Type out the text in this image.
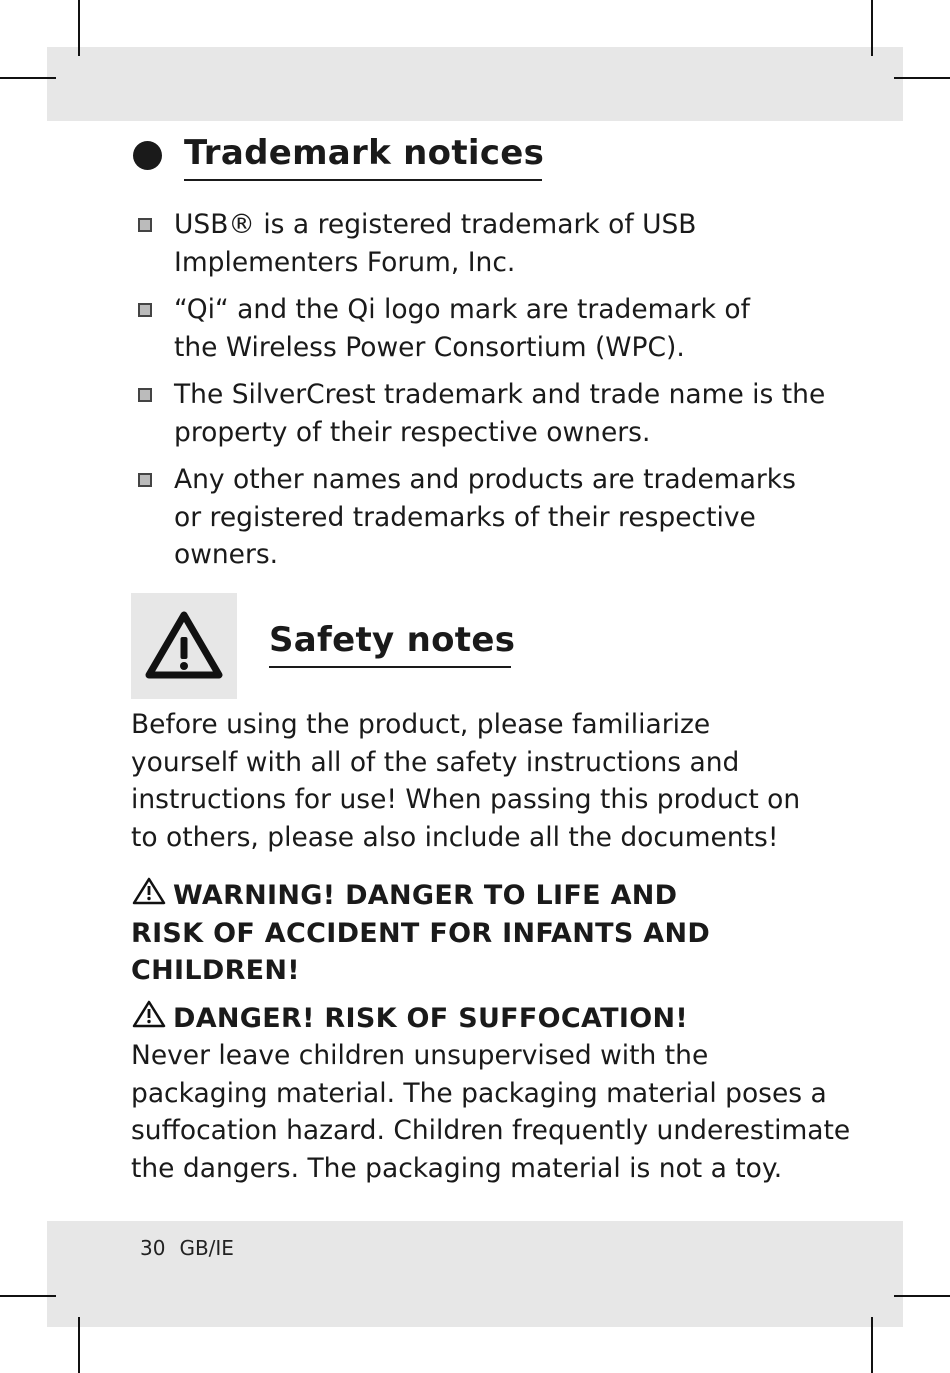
Trademark notices
USB® is a registered trademark of USB
Implementers Forum, Inc.
“Qi“ and the Qi logo mark are trademark of
the Wireless Power Consortium (WPC).
The SilverCrest trademark and trade name is the
property of their respective owners.
Any other names and products are trademarks
or registered trademarks of their respective
owners.
Safety notes
Before using the product, please familiarize
yourself with all of the safety instructions and
instructions for use! When passing this product on
to others, please also include all the documents!
WARNING! DANGER TO LIFE AND
RISK OF ACCIDENT FOR INFANTS AND
CHILDREN!
DANGER! RISK OF SUFFOCATION!
Never leave children unsupervised with the
packaging material. The packaging material poses a
suffocation hazard. Children frequently underestimate
the dangers. The packaging material is not a toy.
30 GB/IE
